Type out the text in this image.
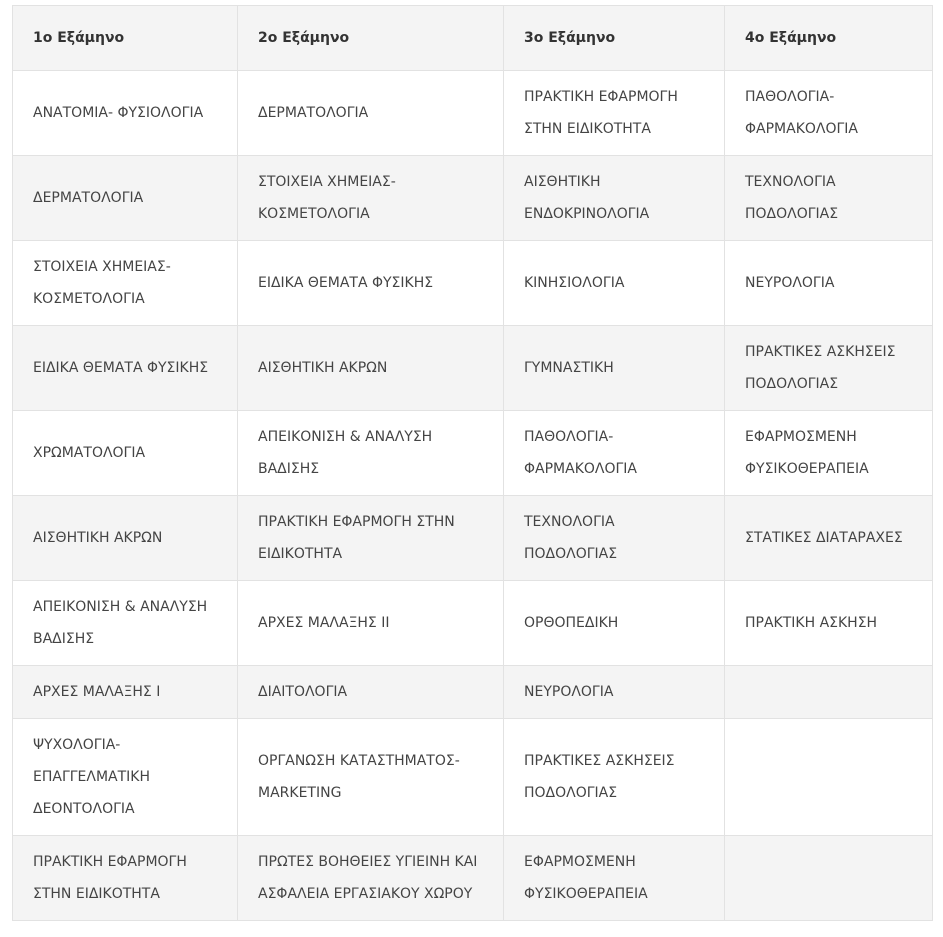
1ο Εξάμηνο	2ο Εξάμηνο	3ο Εξάμηνο	4ο Εξάμηνο
ΑΝΑΤΟΜΙΑ- ΦΥΣΙΟΛΟΓΙΑ	ΔΕΡΜΑΤΟΛΟΓΙΑ	ΠΡΑΚΤΙΚΗ ΕΦΑΡΜΟΓΗ ΣΤΗΝ ΕΙΔΙΚΟΤΗΤΑ	ΠΑΘΟΛΟΓΙΑ- ΦΑΡΜΑΚΟΛΟΓΙΑ
ΔΕΡΜΑΤΟΛΟΓΙΑ	ΣΤΟΙΧΕΙΑ ΧΗΜΕΙΑΣ- ΚΟΣΜΕΤΟΛΟΓΙΑ	ΑΙΣΘΗΤΙΚΗ ΕΝΔΟΚΡΙΝΟΛΟΓΙΑ	ΤΕΧΝΟΛΟΓΙΑ ΠΟΔΟΛΟΓΙΑΣ
ΣΤΟΙΧΕΙΑ ΧΗΜΕΙΑΣ- ΚΟΣΜΕΤΟΛΟΓΙΑ	ΕΙΔΙΚΑ ΘΕΜΑΤΑ ΦΥΣΙΚΗΣ	ΚΙΝΗΣΙΟΛΟΓΙΑ	ΝΕΥΡΟΛΟΓΙΑ
ΕΙΔΙΚΑ ΘΕΜΑΤΑ ΦΥΣΙΚΗΣ	ΑΙΣΘΗΤΙΚΗ ΑΚΡΩΝ	ΓΥΜΝΑΣΤΙΚΗ	ΠΡΑΚΤΙΚΕΣ ΑΣΚΗΣΕΙΣ ΠΟΔΟΛΟΓΙΑΣ
ΧΡΩΜΑΤΟΛΟΓΙΑ	ΑΠΕΙΚΟΝΙΣΗ & ΑΝΑΛΥΣΗ ΒΑΔΙΣΗΣ	ΠΑΘΟΛΟΓΙΑ- ΦΑΡΜΑΚΟΛΟΓΙΑ	ΕΦΑΡΜΟΣΜΕΝΗ ΦΥΣΙΚΟΘΕΡΑΠΕΙΑ
ΑΙΣΘΗΤΙΚΗ ΑΚΡΩΝ	ΠΡΑΚΤΙΚΗ ΕΦΑΡΜΟΓΗ ΣΤΗΝ ΕΙΔΙΚΟΤΗΤΑ	ΤΕΧΝΟΛΟΓΙΑ ΠΟΔΟΛΟΓΙΑΣ	ΣΤΑΤΙΚΕΣ ΔΙΑΤΑΡΑΧΕΣ
ΑΠΕΙΚΟΝΙΣΗ & ΑΝΑΛΥΣΗ ΒΑΔΙΣΗΣ	ΑΡΧΕΣ ΜΑΛΑΞΗΣ ΙΙ	ΟΡΘΟΠΕΔΙΚΗ	ΠΡΑΚΤΙΚΗ ΑΣΚΗΣΗ
ΑΡΧΕΣ ΜΑΛΑΞΗΣ Ι	ΔΙΑΙΤΟΛΟΓΙΑ	ΝΕΥΡΟΛΟΓΙΑ	
ΨΥΧΟΛΟΓΙΑ- ΕΠΑΓΓΕΛΜΑΤΙΚΗ ΔΕΟΝΤΟΛΟΓΙΑ	ΟΡΓΑΝΩΣΗ ΚΑΤΑΣΤΗΜΑΤΟΣ- MARKETING	ΠΡΑΚΤΙΚΕΣ ΑΣΚΗΣΕΙΣ ΠΟΔΟΛΟΓΙΑΣ	
ΠΡΑΚΤΙΚΗ ΕΦΑΡΜΟΓΗ ΣΤΗΝ ΕΙΔΙΚΟΤΗΤΑ	ΠΡΩΤΕΣ ΒΟΗΘΕΙΕΣ ΥΓΙΕΙΝΗ ΚΑΙ ΑΣΦΑΛΕΙΑ ΕΡΓΑΣΙΑΚΟΥ ΧΩΡΟΥ	ΕΦΑΡΜΟΣΜΕΝΗ ΦΥΣΙΚΟΘΕΡΑΠΕΙΑ	
